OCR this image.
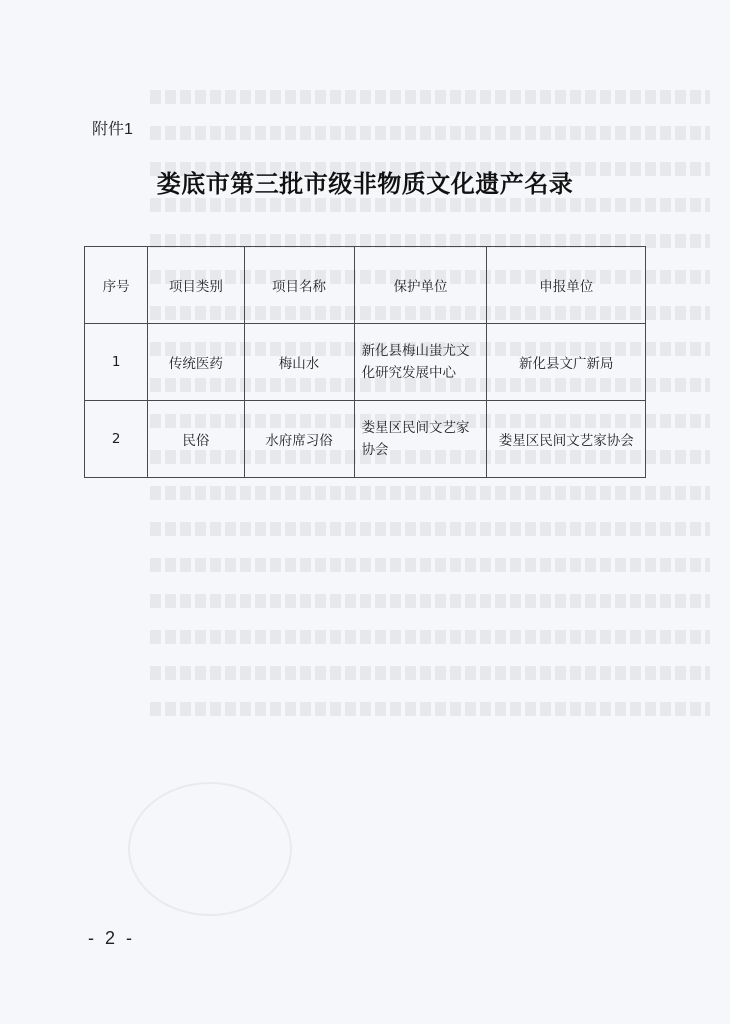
附件1
娄底市第三批市级非物质文化遗产名录
序号	项目类别	项目名称	保护单位	申报单位
1	传统医药	梅山水	新化县梅山蚩尤文化研究发展中心	新化县文广新局
2	民俗	水府席习俗	娄星区民间文艺家协会	娄星区民间文艺家协会
- 2 -
